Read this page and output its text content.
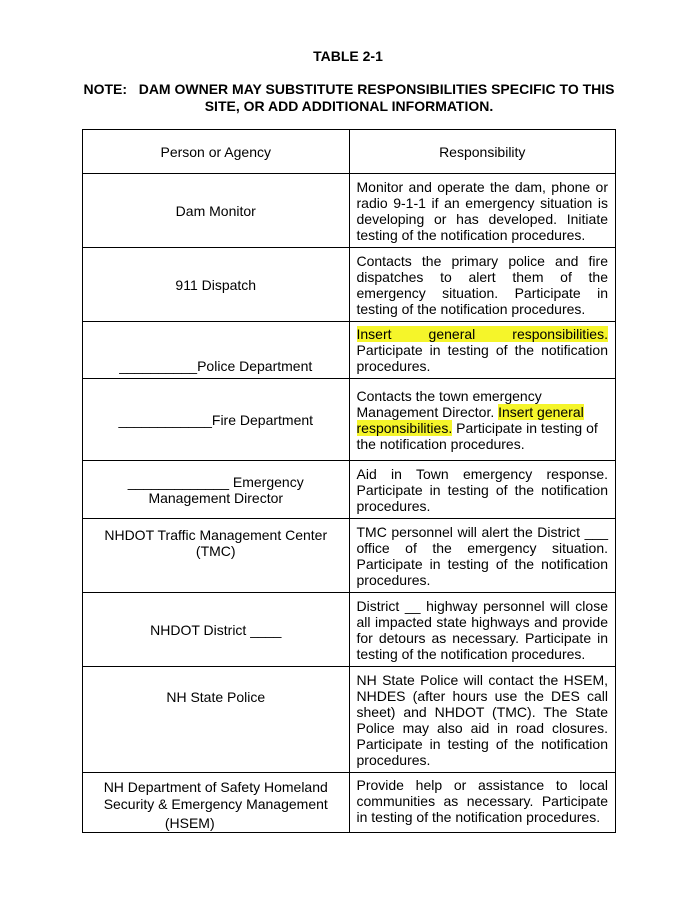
TABLE 2-1
NOTE:   DAM OWNER MAY SUBSTITUTE RESPONSIBILITIES SPECIFIC TO THIS
SITE, OR ADD ADDITIONAL INFORMATION.
Person or Agency	Responsibility
Dam Monitor	Monitor and operate the dam, phone or radio 9-1-1 if an emergency situation is developing or has developed. Initiate testing of the notification procedures.
911 Dispatch	Contacts the primary police and fire dispatches to alert them of the emergency situation. Participate in testing of the notification procedures.
__________Police Department	Insert general responsibilities. Participate in testing of the notification procedures.
____________Fire Department	Contacts the town emergency
Management Director. Insert general
responsibilities. Participate in testing of the notification procedures.
_____________ Emergency
Management Director	Aid in Town emergency response. Participate in testing of the notification procedures.
NHDOT Traffic Management Center
(TMC)	TMC personnel will alert the District ___ office of the emergency situation. Participate in testing of the notification procedures.
NHDOT District ____	District __ highway personnel will close all impacted state highways and provide for detours as necessary. Participate in testing of the notification procedures.
NH State Police	NH State Police will contact the HSEM, NHDES (after hours use the DES call sheet) and NHDOT (TMC). The State Police may also aid in road closures. Participate in testing of the notification procedures.
NH Department of Safety Homeland
Security & Emergency Management
(HSEM)	Provide help or assistance to local communities as necessary. Participate in testing of the notification procedures.
